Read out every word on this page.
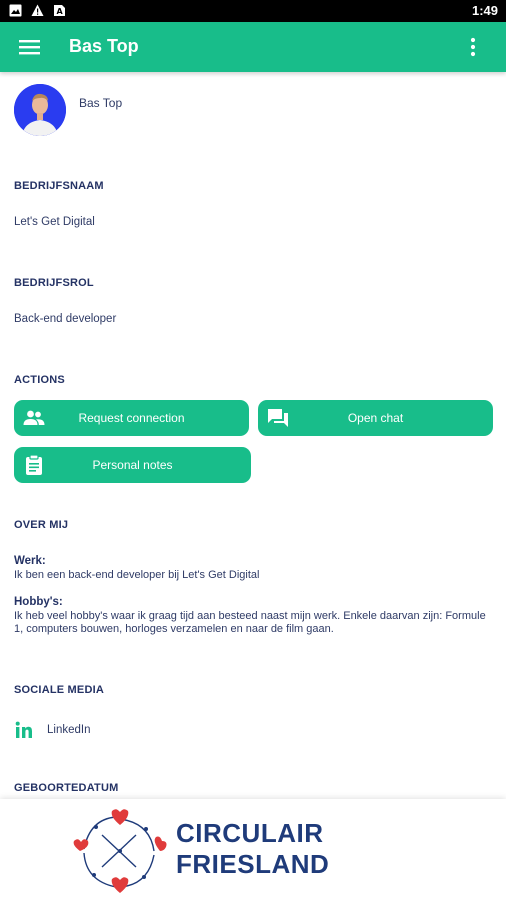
A	1:49
Bas Top
Bas Top
BEDRIJFSNAAM
Let's Get Digital
BEDRIJFSROL
Back-end developer
ACTIONS
Request connection	Open chat
Personal notes
OVER MIJ
Werk:
Ik ben een back-end developer bij Let's Get Digital
Hobby's:
Ik heb veel hobby's waar ik graag tijd aan besteed naast mijn werk. Enkele daarvan zijn: Formule 1, computers bouwen, horloges verzamelen en naar de film gaan.
SOCIALE MEDIA
LinkedIn
GEBOORTEDATUM
CIRCULAIR
FRIESLAND
